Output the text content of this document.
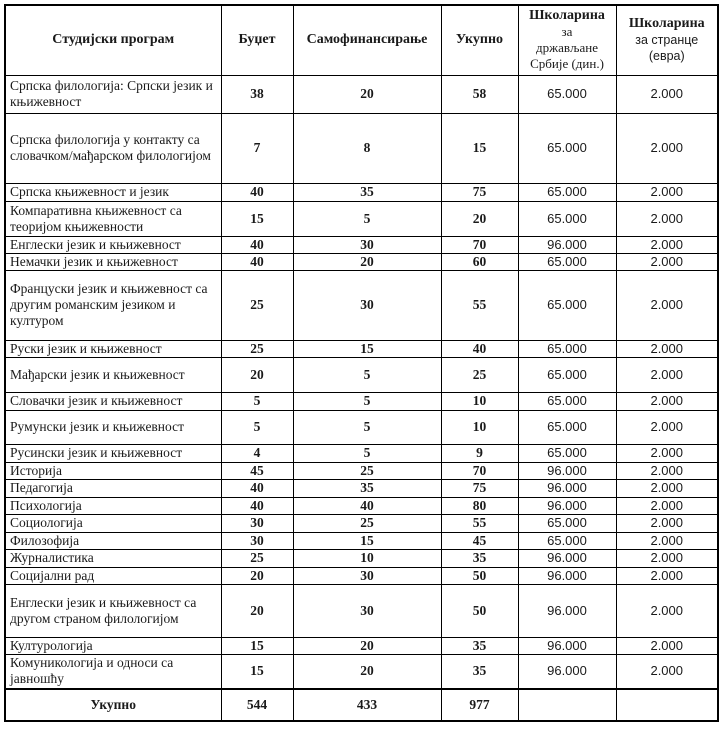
Студијски програм	Буџет	Самофинансирање	Укупно	Школарина
за
држављане
Србије (дин.)	Школарина
за странце
(евра)

Српска филологија: Српски језик и књижевност	38	20	58	65.000	2.000
Српска филологија у контакту са словачком/мађарском филологијом	7	8	15	65.000	2.000
Српска књижевност и језик	40	35	75	65.000	2.000
Компаративна књижевност са теоријом књижевности	15	5	20	65.000	2.000
Енглески језик и књижевност	40	30	70	96.000	2.000
Немачки језик и књижевност	40	20	60	65.000	2.000
Француски језик и књижевност са другим романским језиком и културом	25	30	55	65.000	2.000
Руски језик и књижевност	25	15	40	65.000	2.000
Мађарски језик и књижевност	20	5	25	65.000	2.000
Словачки језик и књижевност	5	5	10	65.000	2.000
Румунски језик и књижевност	5	5	10	65.000	2.000
Русински језик и књижевност	4	5	9	65.000	2.000
Историја	45	25	70	96.000	2.000
Педагогија	40	35	75	96.000	2.000
Психологија	40	40	80	96.000	2.000
Социологија	30	25	55	65.000	2.000
Филозофија	30	15	45	65.000	2.000
Журналистика	25	10	35	96.000	2.000
Социјални рад	20	30	50	96.000	2.000
Енглески језик и књижевност са другом страном филологијом	20	30	50	96.000	2.000
Културологија	15	20	35	96.000	2.000
Комуникологија и односи са јавношћу	15	20	35	96.000	2.000
Укупно	544	433	977		
